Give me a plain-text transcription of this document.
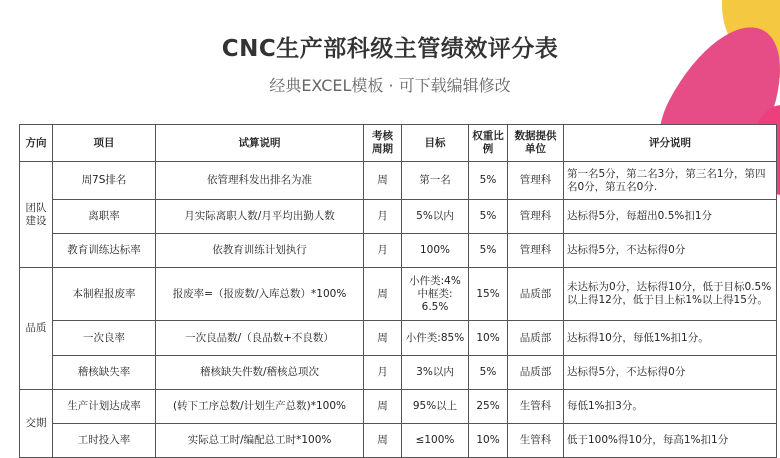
CNC生产部科级主管绩效评分表
经典EXCEL模板 · 可下载编辑修改
方向	项目	试算说明	考核周期	目标	权重比例	数据提供单位	评分说明
团队建设	周7S排名	依管理科发出排名为准	周	第一名	5%	管理科	第一名5分，第二名3分，第三名1分，第四名0分，第五名0分.
	离职率	月实际离职人数/月平均出勤人数	月	5%以内	5%	管理科	达标得5分，每超出0.5%扣1分
	教育训练达标率	依教育训练计划执行	月	100%	5%	管理科	达标得5分，不达标得0分
品质	本制程报废率	报废率=（报废数/入库总数）*100%	周	小件类:4% 中框类: 6.5%	15%	品质部	未达标为0分，达标得10分，低于目标0.5%以上得12分，低于目上标1%以上得15分。
	一次良率	一次良品数/（良品数+不良数）	周	小件类:85%	10%	品质部	达标得10分，每低1%扣1分。
	稽核缺失率	稽核缺失件数/稽核总项次	月	3%以内	5%	品质部	达标得5分，不达标得0分
交期	生产计划达成率	(转下工序总数/计划生产总数)*100%	周	95%以上	25%	生管科	每低1%扣3分。
	工时投入率	实际总工时/编配总工时*100%	周	≤100%	10%	生管科	低于100%得10分，每高1%扣1分
